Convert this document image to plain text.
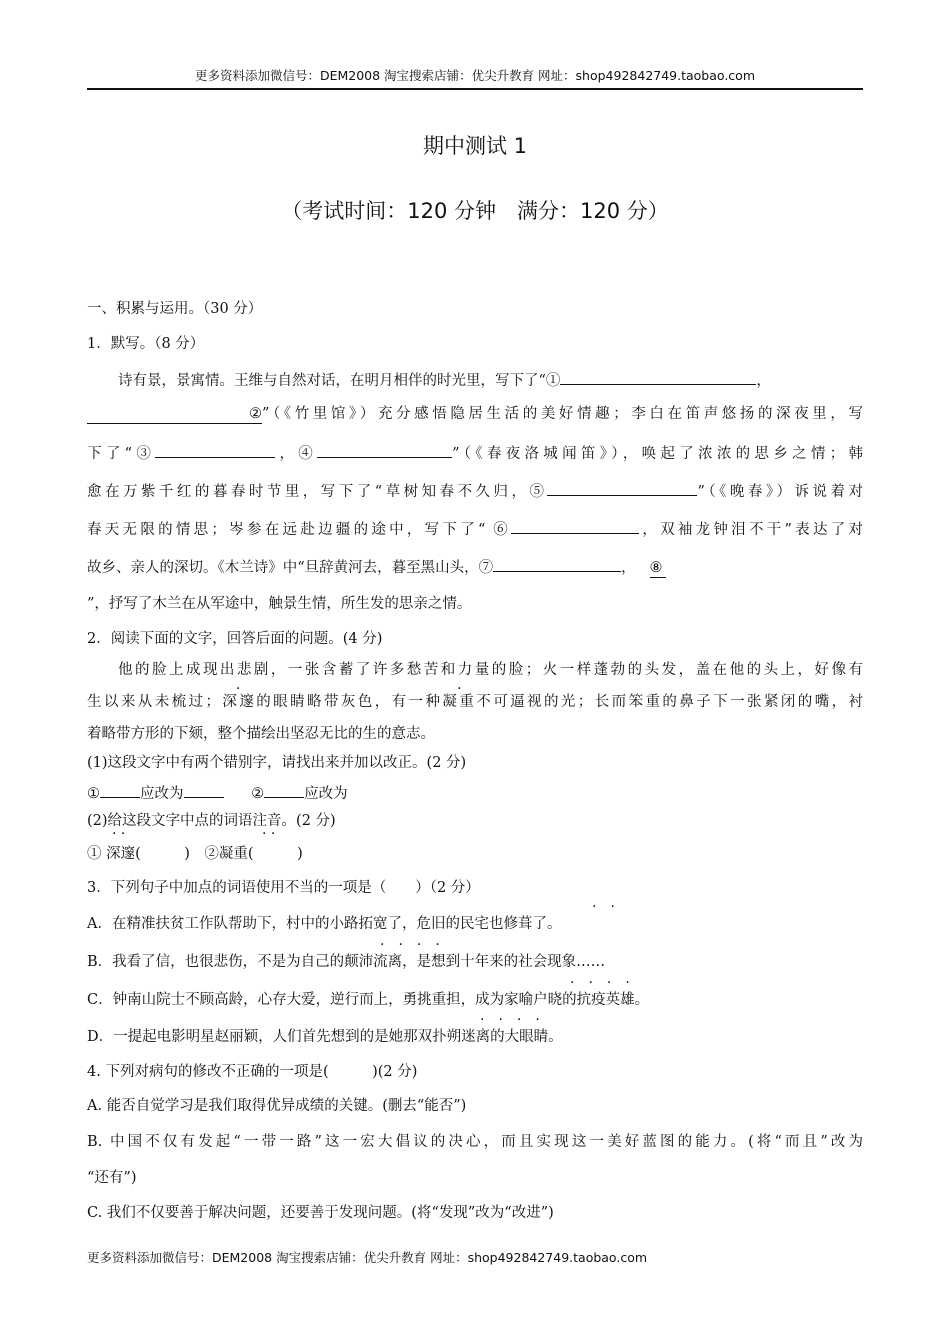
更多资料添加微信号：DEM2008 淘宝搜索店铺：优尖升教育 网址：shop492842749.taobao.com
期中测试 1
（考试时间：120 分钟　满分：120 分）
一、积累与运用。（30 分）
1．默写。（8 分）
诗有景，景寓情。王维与自然对话，在明月相伴的时光里，写下了“①	，
②”（《竹里馆》）充分感悟隐居生活的美好情趣；李白在笛声悠扬的深夜里，写
下了“③	，④	”（《春夜洛城闻笛》），唤起了浓浓的思乡之情；韩
愈在万紫千红的暮春时节里，写下了“草树知春不久归，⑤	”（《晚春》）诉说着对
春天无限的情思；岑参在远赴边疆的途中，写下了“ ⑥	，双袖龙钟泪不干”表达了对
故乡、亲人的深切。《木兰诗》中“旦辞黄河去，暮至黑山头，⑦	， ⑧
”，抒写了木兰在从军途中，触景生情，所生发的思亲之情。
2．阅读下面的文字，回答后面的问题。(4 分)
他的脸上成现出悲剧，一张含蓄了许多愁苦和力量的脸；火一样蓬勃的头发，盖在他的头上，好像有
生以来从未梳过；深邃的眼睛略带灰色，有一种凝重不可逼视的光；长而笨重的鼻子下一张紧闭的嘴，衬
着略带方形的下颏，整个描绘出坚忍无比的生的意志。
(1)这段文字中有两个错别字，请找出来并加以改正。(2 分)
①	应改为	②	应改为
(2)给这段文字中点的词语注音。(2 分)
① 深邃(　　　)　②凝重(　　　)
· ·	· ·
3．下列句子中加点的词语使用不当的一项是（　　）（2 分）
A．在精准扶贫工作队帮助下，村中的小路拓宽了，危旧的民宅也修葺了。
·　·
B．我看了信，也很悲伤，不是为自己的颠沛流离，是想到十年来的社会现象……
·　·　·　·
C．钟南山院士不顾高龄，心存大爱，逆行而上，勇挑重担，成为家喻户晓的抗疫英雄。
·　·　·　·
D．一提起电影明星赵丽颖，人们首先想到的是她那双扑朔迷离的大眼睛。
·　·　·　·
4. 下列对病句的修改不正确的一项是(　　　)(2 分)
A. 能否自觉学习是我们取得优异成绩的关键。(删去“能否”)
B. 中国不仅有发起“一带一路”这一宏大倡议的决心，而且实现这一美好蓝图的能力。(将“而且”改为
“还有”)
C. 我们不仅要善于解决问题，还要善于发现问题。(将“发现”改为“改进”)
更多资料添加微信号：DEM2008 淘宝搜索店铺：优尖升教育 网址：shop492842749.taobao.com
